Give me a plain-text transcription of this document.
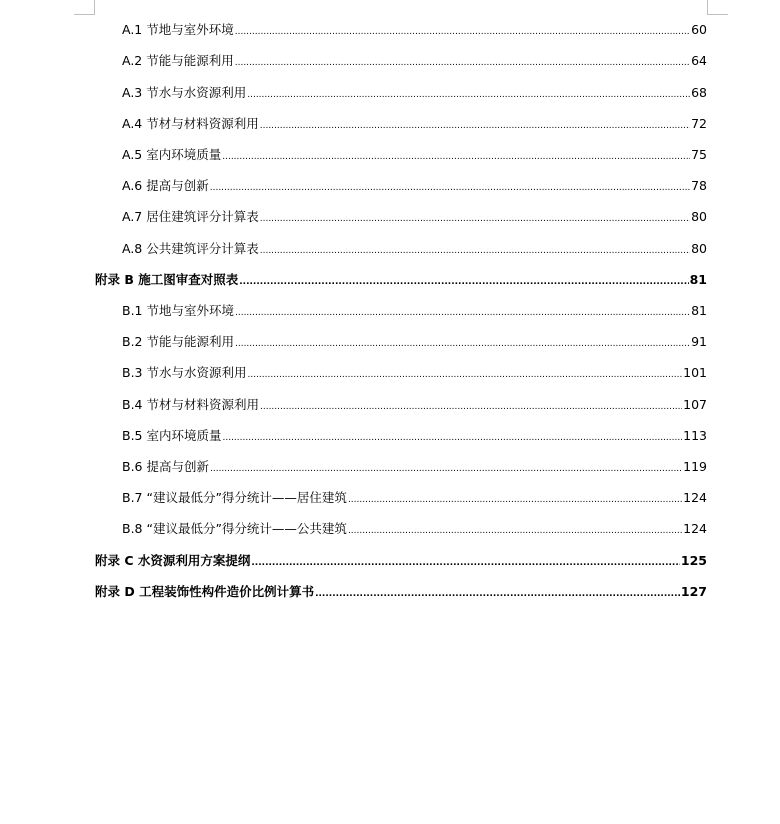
A.1 节地与室外环境 .....	60
A.2 节能与能源利用 .....	64
A.3 节水与水资源利用 .....	68
A.4 节材与材料资源利用 .....	72
A.5 室内环境质量 .....	75
A.6 提高与创新 .....	78
A.7 居住建筑评分计算表 .....	80
A.8 公共建筑评分计算表 .....	80
附录 B 施工图审查对照表 .....	81
B.1 节地与室外环境 .....	81
B.2 节能与能源利用 .....	91
B.3 节水与水资源利用 .....	101
B.4 节材与材料资源利用 .....	107
B.5 室内环境质量 .....	113
B.6 提高与创新 .....	119
B.7 “建议最低分”得分统计——居住建筑 .....	124
B.8 “建议最低分”得分统计——公共建筑 .....	124
附录 C 水资源利用方案提纲 .....	125
附录 D 工程装饰性构件造价比例计算书 .....	127
